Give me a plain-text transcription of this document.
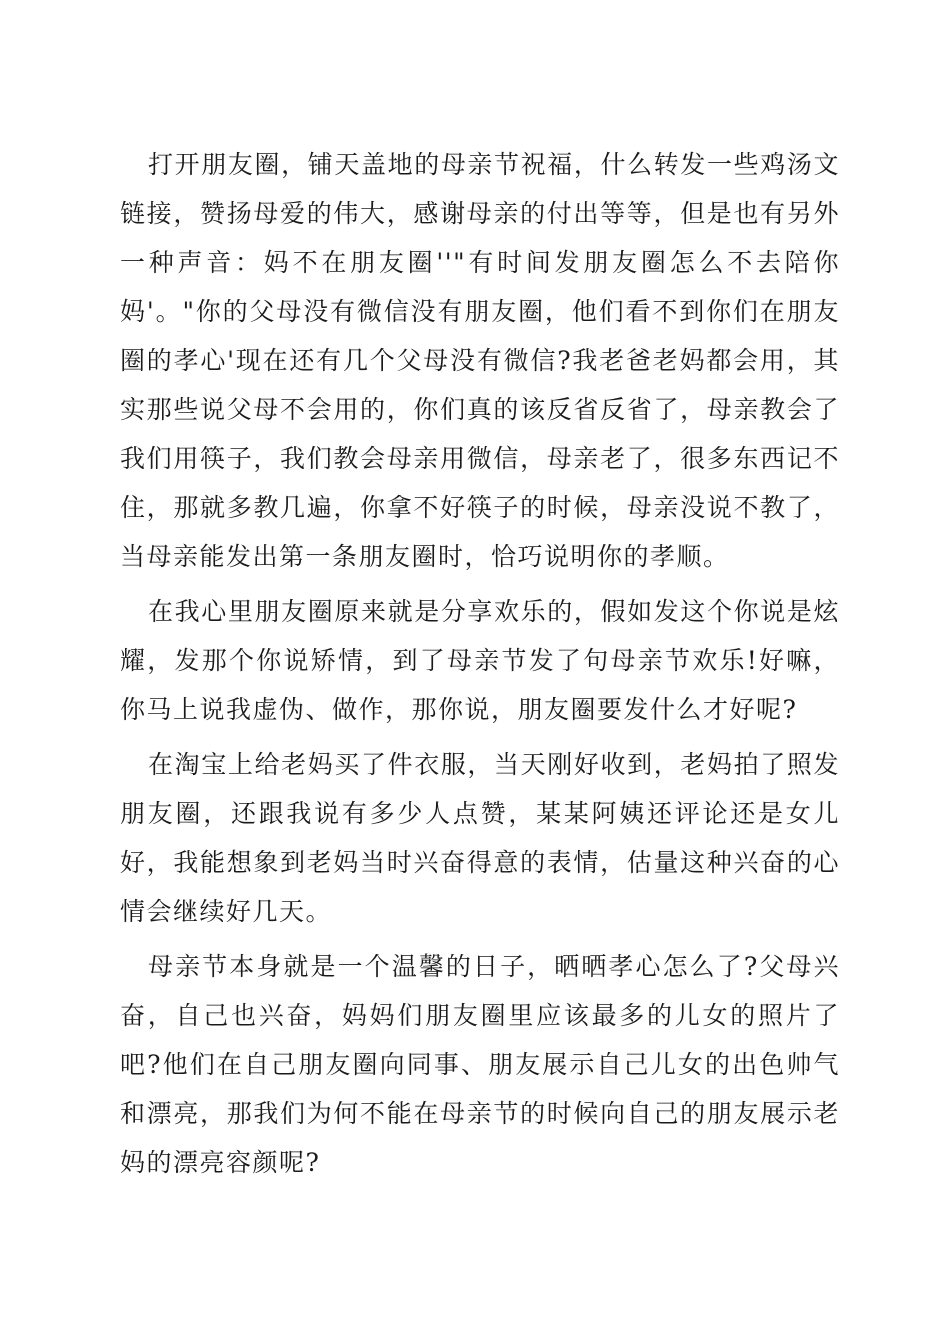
打开朋友圈，铺天盖地的母亲节祝福，什么转发一些鸡汤文链接，赞扬母爱的伟大，感谢母亲的付出等等，但是也有另外一种声音：妈不在朋友圈''"有时间发朋友圈怎么不去陪你妈'。"你的父母没有微信没有朋友圈，他们看不到你们在朋友圈的孝心'现在还有几个父母没有微信?我老爸老妈都会用，其实那些说父母不会用的，你们真的该反省反省了，母亲教会了我们用筷子，我们教会母亲用微信，母亲老了，很多东西记不住，那就多教几遍，你拿不好筷子的时候，母亲没说不教了，当母亲能发出第一条朋友圈时，恰巧说明你的孝顺。

在我心里朋友圈原来就是分享欢乐的，假如发这个你说是炫耀，发那个你说矫情，到了母亲节发了句母亲节欢乐!好嘛，你马上说我虚伪、做作，那你说，朋友圈要发什么才好呢?

在淘宝上给老妈买了件衣服，当天刚好收到，老妈拍了照发朋友圈，还跟我说有多少人点赞，某某阿姨还评论还是女儿好，我能想象到老妈当时兴奋得意的表情，估量这种兴奋的心情会继续好几天。

母亲节本身就是一个温馨的日子，晒晒孝心怎么了?父母兴奋，自己也兴奋，妈妈们朋友圈里应该最多的儿女的照片了吧?他们在自己朋友圈向同事、朋友展示自己儿女的出色帅气和漂亮，那我们为何不能在母亲节的时候向自己的朋友展示老妈的漂亮容颜呢?
